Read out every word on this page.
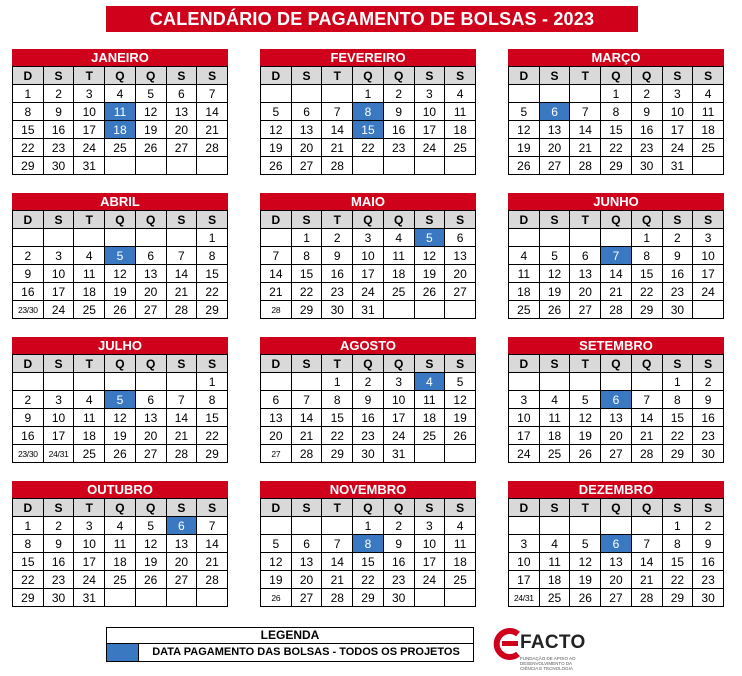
CALENDÁRIO DE PAGAMENTO DE BOLSAS - 2023
JANEIRO
D	S	T	Q	Q	S	S
1	2	3	4	5	6	7
8	9	10	11	12	13	14
15	16	17	18	19	20	21
22	23	24	25	26	27	28
29	30	31				
FEVEREIRO
D	S	T	Q	Q	S	S
			1	2	3	4
5	6	7	8	9	10	11
12	13	14	15	16	17	18
19	20	21	22	23	24	25
26	27	28				
MARÇO
D	S	T	Q	Q	S	S
			1	2	3	4
5	6	7	8	9	10	11
12	13	14	15	16	17	18
19	20	21	22	23	24	25
26	27	28	29	30	31	
ABRIL
D	S	T	Q	Q	S	S
						1
2	3	4	5	6	7	8
9	10	11	12	13	14	15
16	17	18	19	20	21	22
23/30	24	25	26	27	28	29
MAIO
D	S	T	Q	Q	S	S
	1	2	3	4	5	6
7	8	9	10	11	12	13
14	15	16	17	18	19	20
21	22	23	24	25	26	27
28	29	30	31			
JUNHO
D	S	T	Q	Q	S	S
				1	2	3
4	5	6	7	8	9	10
11	12	13	14	15	16	17
18	19	20	21	22	23	24
25	26	27	28	29	30	
JULHO
D	S	T	Q	Q	S	S
						1
2	3	4	5	6	7	8
9	10	11	12	13	14	15
16	17	18	19	20	21	22
23/30	24/31	25	26	27	28	29
AGOSTO
D	S	T	Q	Q	S	S
		1	2	3	4	5
6	7	8	9	10	11	12
13	14	15	16	17	18	19
20	21	22	23	24	25	26
27	28	29	30	31		
SETEMBRO
D	S	T	Q	Q	S	S
					1	2
3	4	5	6	7	8	9
10	11	12	13	14	15	16
17	18	19	20	21	22	23
24	25	26	27	28	29	30
OUTUBRO
D	S	T	Q	Q	S	S
1	2	3	4	5	6	7
8	9	10	11	12	13	14
15	16	17	18	19	20	21
22	23	24	25	26	27	28
29	30	31				
NOVEMBRO
D	S	T	Q	Q	S	S
			1	2	3	4
5	6	7	8	9	10	11
12	13	14	15	16	17	18
19	20	21	22	23	24	25
26	27	28	29	30		
DEZEMBRO
D	S	T	Q	Q	S	S
					1	2
3	4	5	6	7	8	9
10	11	12	13	14	15	16
17	18	19	20	21	22	23
24/31	25	26	27	28	29	30
LEGENDA
DATA PAGAMENTO DAS BOLSAS - TODOS OS PROJETOS	FACTO
FUNDAÇÃO DE APOIO AO DESENVOLVIMENTO DA CIÊNCIA E TECNOLOGIA
